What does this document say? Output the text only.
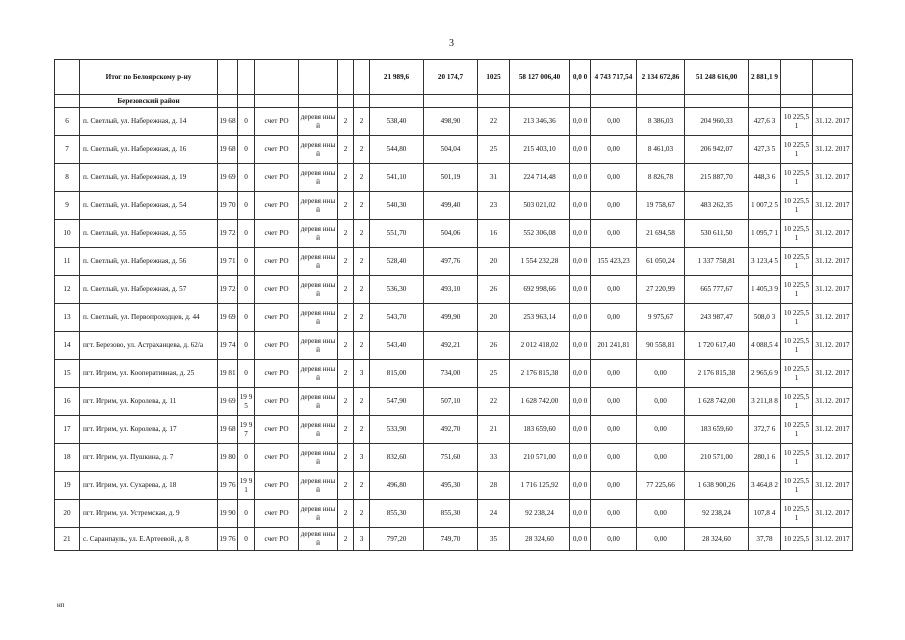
3
	Итог по Белоярскому р-ну							21 989,6	20 174,7	1025	58 127 006,40	0,0 0	4 743 717,54	2 134 672,86	51 248 616,00	2 881,1 9		
	Березовский район																	
6	п. Светлый, ул. Набережная, д. 14	19 68	0	счет РО	деревя нный	2	2	538,40	498,90	22	213 346,36	0,0 0	0,00	8 386,03	204 960,33	427,6 3	10 225,5 1	31.12. 2017
7	п. Светлый, ул. Набережная, д. 16	19 68	0	счет РО	деревя нный	2	2	544,80	504,04	25	215 403,10	0,0 0	0,00	8 461,03	206 942,07	427,3 5	10 225,5 1	31.12. 2017
8	п. Светлый, ул. Набережная, д. 19	19 69	0	счет РО	деревя нный	2	2	541,10	501,19	31	224 714,48	0,0 0	0,00	8 826,78	215 887,70	448,3 6	10 225,5 1	31.12. 2017
9	п. Светлый, ул. Набережная, д. 54	19 70	0	счет РО	деревя нный	2	2	540,30	499,40	23	503 021,02	0,0 0	0,00	19 758,67	483 262,35	1 007,2 5	10 225,5 1	31.12. 2017
10	п. Светлый, ул. Набережная, д. 55	19 72	0	счет РО	деревя нный	2	2	551,70	504,06	16	552 306,08	0,0 0	0,00	21 694,58	530 611,50	1 095,7 1	10 225,5 1	31.12. 2017
11	п. Светлый, ул. Набережная, д. 56	19 71	0	счет РО	деревя нный	2	2	528,40	497,76	20	1 554 232,28	0,0 0	155 423,23	61 050,24	1 337 758,81	3 123,4 5	10 225,5 1	31.12. 2017
12	п. Светлый, ул. Набережная, д. 57	19 72	0	счет РО	деревя нный	2	2	536,30	493,10	26	692 998,66	0,0 0	0,00	27 220,99	665 777,67	1 405,3 9	10 225,5 1	31.12. 2017
13	п. Светлый, ул. Первопроходцев, д. 44	19 69	0	счет РО	деревя нный	2	2	543,70	499,90	20	253 963,14	0,0 0	0,00	9 975,67	243 987,47	508,0 3	10 225,5 1	31.12. 2017
14	пгт. Березово, ул. Астраханцева, д. 62/a	19 74	0	счет РО	деревя нный	2	2	543,40	492,21	26	2 012 418,02	0,0 0	201 241,81	90 558,81	1 720 617,40	4 088,5 4	10 225,5 1	31.12. 2017
15	пгт. Игрим, ул. Кооперативная, д. 25	19 81	0	счет РО	деревя нный	2	3	815,00	734,00	25	2 176 815,38	0,0 0	0,00	0,00	2 176 815,38	2 965,6 9	10 225,5 1	31.12. 2017
16	пгт. Игрим, ул. Королева, д. 11	19 69	19 95	счет РО	деревя нный	2	2	547,90	507,10	22	1 628 742,00	0,0 0	0,00	0,00	1 628 742,00	3 211,8 8	10 225,5 1	31.12. 2017
17	пгт. Игрим, ул. Королева, д. 17	19 68	19 97	счет РО	деревя нный	2	2	533,90	492,70	21	183 659,60	0,0 0	0,00	0,00	183 659,60	372,7 6	10 225,5 1	31.12. 2017
18	пгт. Игрим, ул. Пушкина, д. 7	19 80	0	счет РО	деревя нный	2	3	832,60	751,60	33	210 571,00	0,0 0	0,00	0,00	210 571,00	280,1 6	10 225,5 1	31.12. 2017
19	пгт. Игрим, ул. Сухарева, д. 18	19 76	19 91	счет РО	деревя нный	2	2	496,80	495,30	28	1 716 125,92	0,0 0	0,00	77 225,66	1 638 900,26	3 464,8 2	10 225,5 1	31.12. 2017
20	пгт. Игрим, ул. Устремская, д. 9	19 90	0	счет РО	деревя нный	2	2	855,30	855,30	24	92 238,24	0,0 0	0,00	0,00	92 238,24	107,8 4	10 225,5 1	31.12. 2017
21	с. Саранпауль, ул. Е.Артеевой, д. 8	19 76	0	счет РО	деревя нный	2	3	797,20	749,70	35	28 324,60	0,0 0	0,00	0,00	28 324,60	37,78	10 225,5	31.12. 2017
нп
